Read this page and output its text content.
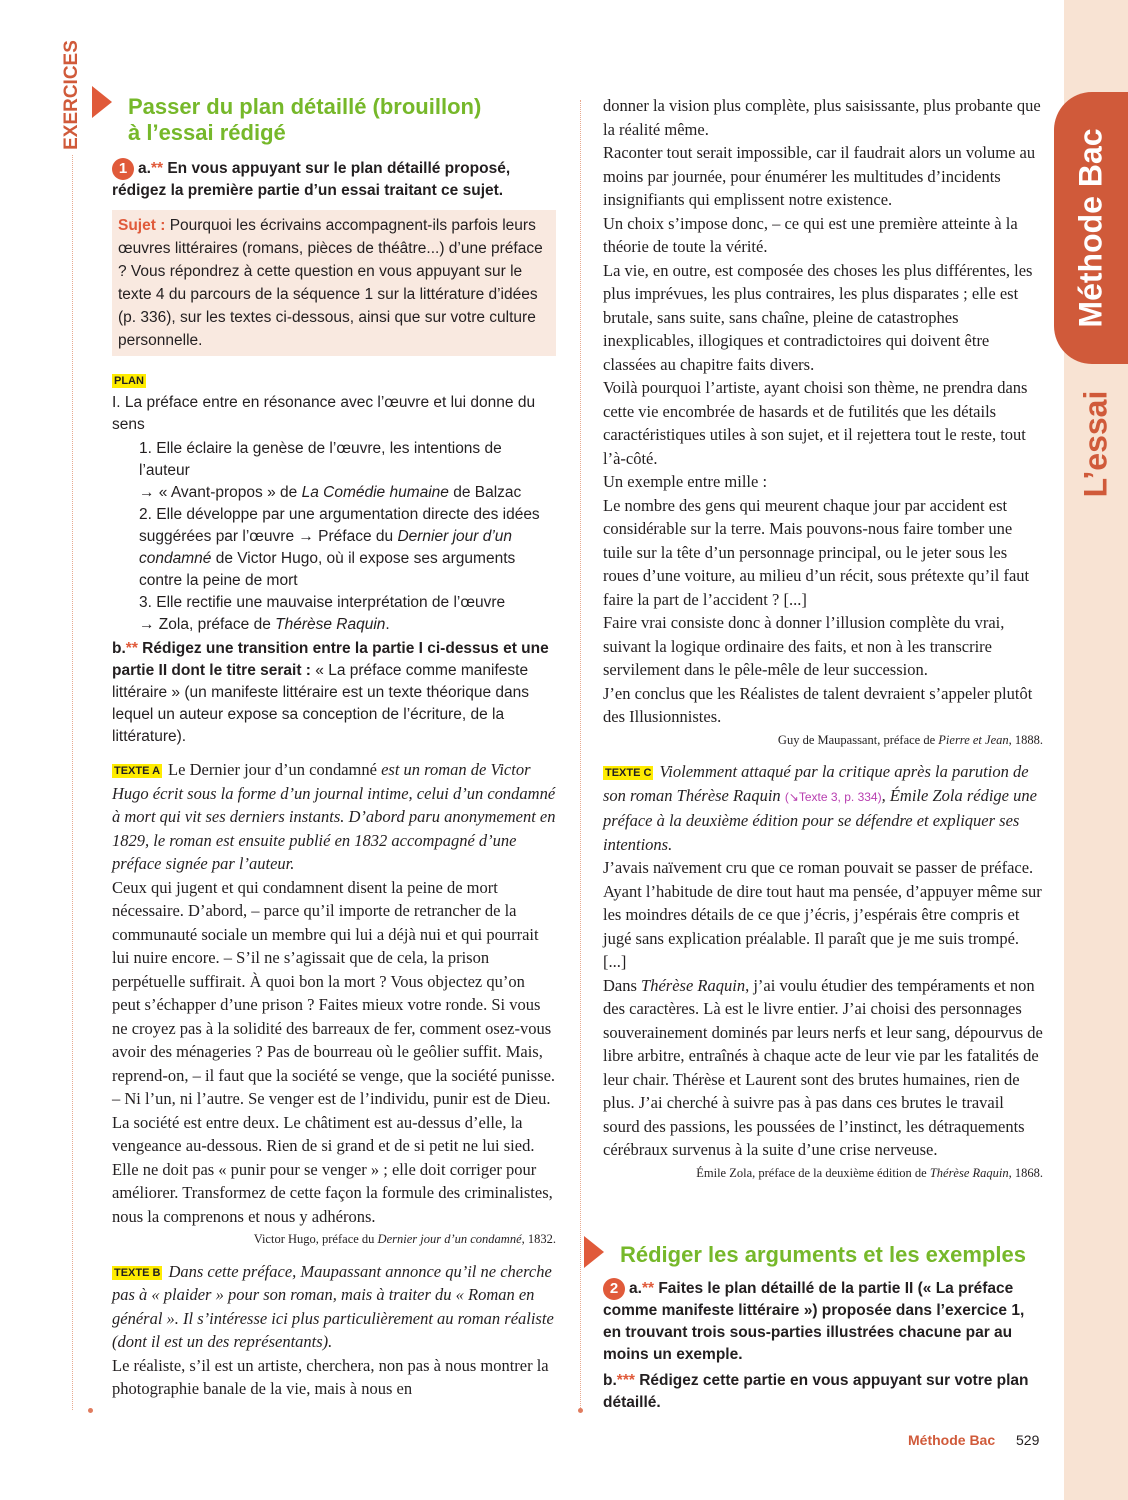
Méthode Bac
L’essai
EXERCICES Passer du plan détaillé (brouillon)
à l’essai rédigé

1 a.** En vous appuyant sur le plan détaillé proposé, rédigez la première partie d’un essai traitant ce sujet.

Sujet : Pourquoi les écrivains accompagnent-ils parfois leurs œuvres littéraires (romans, pièces de théâtre...) d’une préface ? Vous répondrez à cette question en vous appuyant sur le texte 4 du parcours de la séquence 1 sur la littérature d’idées (p. 336), sur les textes ci-dessous, ainsi que sur votre culture personnelle.
PLAN
I. La préface entre en résonance avec l’œuvre et lui donne du sens
1. Elle éclaire la genèse de l’œuvre, les intentions de l’auteur
→ « Avant-propos » de La Comédie humaine de Balzac
2. Elle développe par une argumentation directe des idées suggérées par l’œuvre → Préface du Dernier jour d’un condamné de Victor Hugo, où il expose ses arguments contre la peine de mort
3. Elle rectifie une mauvaise interprétation de l’œuvre
→ Zola, préface de Thérèse Raquin.

b.** Rédigez une transition entre la partie I ci-dessus et une partie II dont le titre serait : « La préface comme manifeste littéraire » (un manifeste littéraire est un texte théorique dans lequel un auteur expose sa conception de l’écriture, de la littérature).

TEXTE A Le Dernier jour d’un condamné est un roman de Victor Hugo écrit sous la forme d’un journal intime, celui d’un condamné à mort qui vit ses derniers instants. D’abord paru anonymement en 1829, le roman est ensuite publié en 1832 accompagné d’une préface signée par l’auteur.

Ceux qui jugent et qui condamnent disent la peine de mort nécessaire. D’abord, – parce qu’il importe de retrancher de la communauté sociale un membre qui lui a déjà nui et qui pourrait lui nuire encore. – S’il ne s’agissait que de cela, la prison perpétuelle suffirait. À quoi bon la mort ? Vous objectez qu’on peut s’échapper d’une prison ? Faites mieux votre ronde. Si vous ne croyez pas à la solidité des barreaux de fer, comment osez-vous avoir des ménageries ? Pas de bourreau où le geôlier suffit. Mais, reprend-on, – il faut que la société se venge, que la société punisse. – Ni l’un, ni l’autre. Se venger est de l’individu, punir est de Dieu. La société est entre deux. Le châtiment est au-dessus d’elle, la vengeance au-dessous. Rien de si grand et de si petit ne lui sied. Elle ne doit pas « punir pour se venger » ; elle doit corriger pour améliorer. Transformez de cette façon la formule des criminalistes, nous la comprenons et nous y adhérons.

Victor Hugo, préface du Dernier jour d’un condamné, 1832.

TEXTE B Dans cette préface, Maupassant annonce qu’il ne cherche pas à « plaider » pour son roman, mais à traiter du « Roman en général ». Il s’intéresse ici plus particulièrement au roman réaliste (dont il est un des représentants).

Le réaliste, s’il est un artiste, cherchera, non pas à nous montrer la photographie banale de la vie, mais à nous en

donner la vision plus complète, plus saisissante, plus probante que la réalité même.

Raconter tout serait impossible, car il faudrait alors un volume au moins par journée, pour énumérer les multitudes d’incidents insignifiants qui emplissent notre existence.

Un choix s’impose donc, – ce qui est une première atteinte à la théorie de toute la vérité.

La vie, en outre, est composée des choses les plus différentes, les plus imprévues, les plus contraires, les plus disparates ; elle est brutale, sans suite, sans chaîne, pleine de catastrophes inexplicables, illogiques et contradictoires qui doivent être classées au chapitre faits divers.

Voilà pourquoi l’artiste, ayant choisi son thème, ne prendra dans cette vie encombrée de hasards et de futilités que les détails caractéristiques utiles à son sujet, et il rejettera tout le reste, tout l’à-côté.

Un exemple entre mille :

Le nombre des gens qui meurent chaque jour par accident est considérable sur la terre. Mais pouvons-nous faire tomber une tuile sur la tête d’un personnage principal, ou le jeter sous les roues d’une voiture, au milieu d’un récit, sous prétexte qu’il faut faire la part de l’accident ? [...]

Faire vrai consiste donc à donner l’illusion complète du vrai, suivant la logique ordinaire des faits, et non à les transcrire servilement dans le pêle-mêle de leur succession.

J’en conclus que les Réalistes de talent devraient s’appeler plutôt des Illusionnistes.

Guy de Maupassant, préface de Pierre et Jean, 1888.

TEXTE C Violemment attaqué par la critique après la parution de son roman Thérèse Raquin (↘Texte 3, p. 334), Émile Zola rédige une préface à la deuxième édition pour se défendre et expliquer ses intentions.

J’avais naïvement cru que ce roman pouvait se passer de préface. Ayant l’habitude de dire tout haut ma pensée, d’appuyer même sur les moindres détails de ce que j’écris, j’espérais être compris et jugé sans explication préalable. Il paraît que je me suis trompé. [...]

Dans Thérèse Raquin, j’ai voulu étudier des tempéraments et non des caractères. Là est le livre entier. J’ai choisi des personnages souverainement dominés par leurs nerfs et leur sang, dépourvus de libre arbitre, entraînés à chaque acte de leur vie par les fatalités de leur chair. Thérèse et Laurent sont des brutes humaines, rien de plus. J’ai cherché à suivre pas à pas dans ces brutes le travail sourd des passions, les poussées de l’instinct, les détraquements cérébraux survenus à la suite d’une crise nerveuse.

Émile Zola, préface de la deuxième édition de Thérèse Raquin, 1868.

Rédiger les arguments et les exemples

2 a.** Faites le plan détaillé de la partie II (« La préface comme manifeste littéraire ») proposée dans l’exercice 1, en trouvant trois sous-parties illustrées chacune par au moins un exemple.

b.*** Rédigez cette partie en vous appuyant sur votre plan détaillé.

Méthode Bac 529
